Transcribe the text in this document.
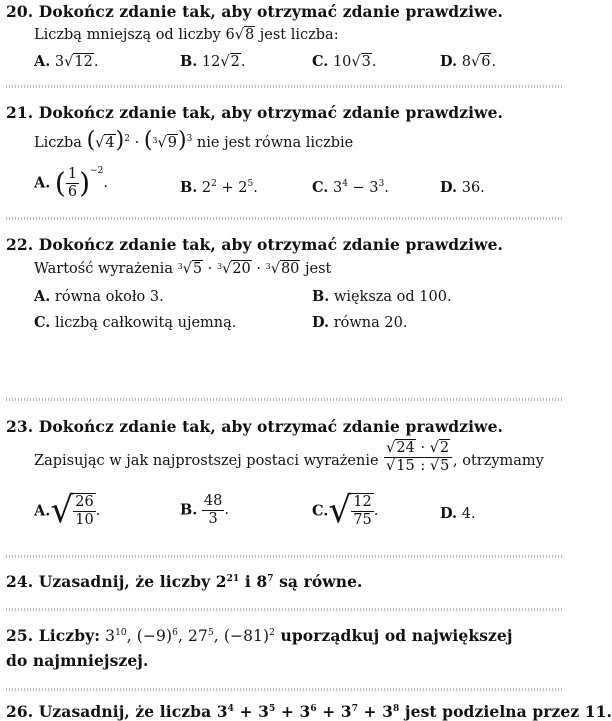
20. Dokończ zdanie tak, aby otrzymać zdanie prawdziwe.
Liczbą mniejszą od liczby 6√8 jest liczba:
A. 3√12.	B. 12√2.	C. 10√3.	D. 8√6.
21. Dokończ zdanie tak, aby otrzymać zdanie prawdziwe.
Liczba $(√4)^2 \cdot (^3√9)^3$ nie jest równa liczbie
A. ( $\frac{1}{6} )^{-2}$.	B. $2^2 + 2^5$.	C. $3^4 - 3^3$.	D. 36.
22. Dokończ zdanie tak, aby otrzymać zdanie prawdziwe.
Wartość wyrażenia $^3$√5 · $^3$√20 · $^3$√80 jest
A. równa około 3.	B. większa od 100.
C. liczbą całkowitą ujemną.	D. równa 20.
23. Dokończ zdanie tak, aby otrzymać zdanie prawdziwe.
Zapisując w jak najprostszej postaci wyrażenie $\frac{√24 \cdot √2}{√15 : √5}$ , otrzymamy
$A.√ \frac{26}{10}$ .	B. $\frac{48}{3}$ .	$C.√ \frac{12}{75}$ .	D. 4.
24. Uzasadnij, że liczby $2^{21}$ i $8^7$ są równe.
25. Liczby: $3^{10}$, $(-9)^6$, $27^5$, $(-81)^2$ uporządkuj od największej
do najmniejszej.
26. Uzasadnij, że liczba $3^4 + 3^5 + 3^6 + 3^7 + 3^8$ jest podzielna przez 11.
